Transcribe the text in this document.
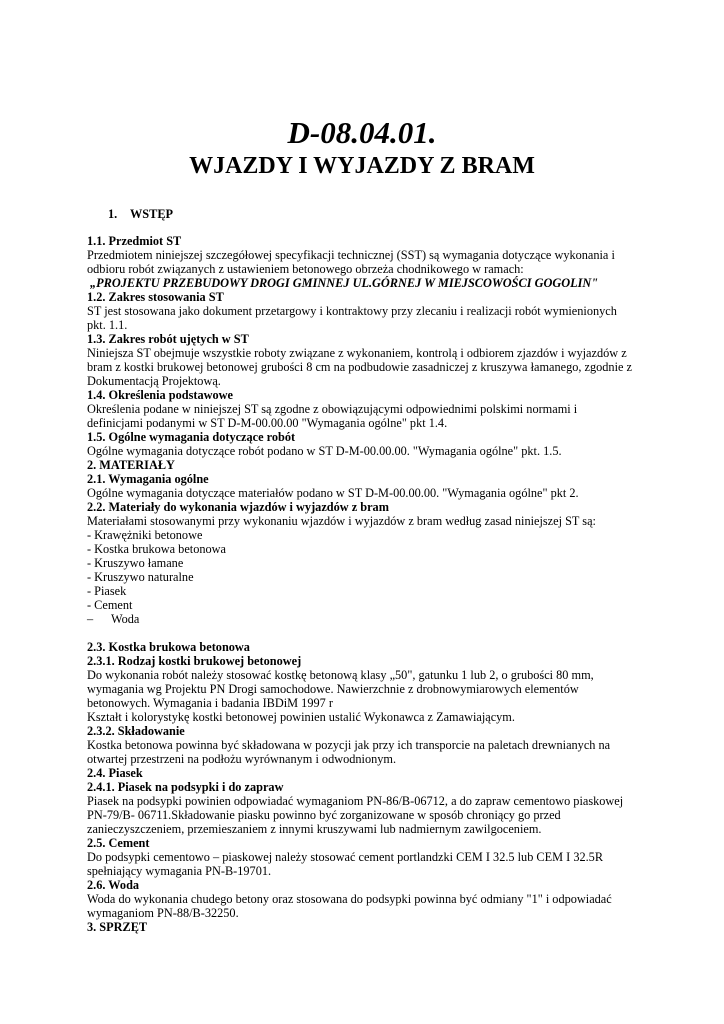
D-08.04.01.
WJAZDY I WYJAZDY Z BRAM
1. WSTĘP

1.1. Przedmiot ST

Przedmiotem niniejszej szczegółowej specyfikacji technicznej (SST) są wymagania dotyczące wykonania i odbioru robót związanych z ustawieniem betonowego obrzeża chodnikowego w ramach:

„PROJEKTU PRZEBUDOWY DROGI GMINNEJ UL.GÓRNEJ W MIEJSCOWOŚCI GOGOLIN"

1.2. Zakres stosowania ST

ST jest stosowana jako dokument przetargowy i kontraktowy przy zlecaniu i realizacji robót wymienionych pkt. 1.1.

1.3. Zakres robót ujętych w ST

Niniejsza ST obejmuje wszystkie roboty związane z wykonaniem, kontrolą i odbiorem zjazdów i wyjazdów z bram z kostki brukowej betonowej grubości 8 cm na podbudowie zasadniczej z kruszywa łamanego, zgodnie z Dokumentacją Projektową.

1.4. Określenia podstawowe

Określenia podane w niniejszej ST są zgodne z obowiązującymi odpowiednimi polskimi normami i definicjami podanymi w ST D-M-00.00.00 "Wymagania ogólne" pkt 1.4.

1.5. Ogólne wymagania dotyczące robót

Ogólne wymagania dotyczące robót podano w ST D-M-00.00.00. "Wymagania ogólne" pkt. 1.5.

2. MATERIAŁY

2.1. Wymagania ogólne

Ogólne wymagania dotyczące materiałów podano w ST D-M-00.00.00. "Wymagania ogólne" pkt 2.

2.2. Materiały do wykonania wjazdów i wyjazdów z bram

Materiałami stosowanymi przy wykonaniu wjazdów i wyjazdów z bram według zasad niniejszej ST są:

- Krawężniki betonowe

- Kostka brukowa betonowa

- Kruszywo łamane

- Kruszywo naturalne

- Piasek

- Cement

– Woda

2.3. Kostka brukowa betonowa

2.3.1. Rodzaj kostki brukowej betonowej

Do wykonania robót należy stosować kostkę betonową klasy „50", gatunku 1 lub 2, o grubości 80 mm, wymagania wg Projektu PN Drogi samochodowe. Nawierzchnie z drobnowymiarowych elementów betonowych. Wymagania i badania IBDiM 1997 r

Kształt i kolorystykę kostki betonowej powinien ustalić Wykonawca z Zamawiającym.

2.3.2. Składowanie

Kostka betonowa powinna być składowana w pozycji jak przy ich transporcie na paletach drewnianych na otwartej przestrzeni na podłożu wyrównanym i odwodnionym.

2.4. Piasek

2.4.1. Piasek na podsypki i do zapraw

Piasek na podsypki powinien odpowiadać wymaganiom PN-86/B-06712, a do zapraw cementowo piaskowej PN-79/B- 06711.Składowanie piasku powinno być zorganizowane w sposób chroniący go przed zanieczyszczeniem, przemieszaniem z innymi kruszywami lub nadmiernym zawilgoceniem.

2.5. Cement

Do podsypki cementowo – piaskowej należy stosować cement portlandzki CEM I 32.5 lub CEM I 32.5R spełniający wymagania PN-B-19701.

2.6. Woda

Woda do wykonania chudego betony oraz stosowana do podsypki powinna być odmiany "1" i odpowiadać wymaganiom PN-88/B-32250.

3. SPRZĘT
